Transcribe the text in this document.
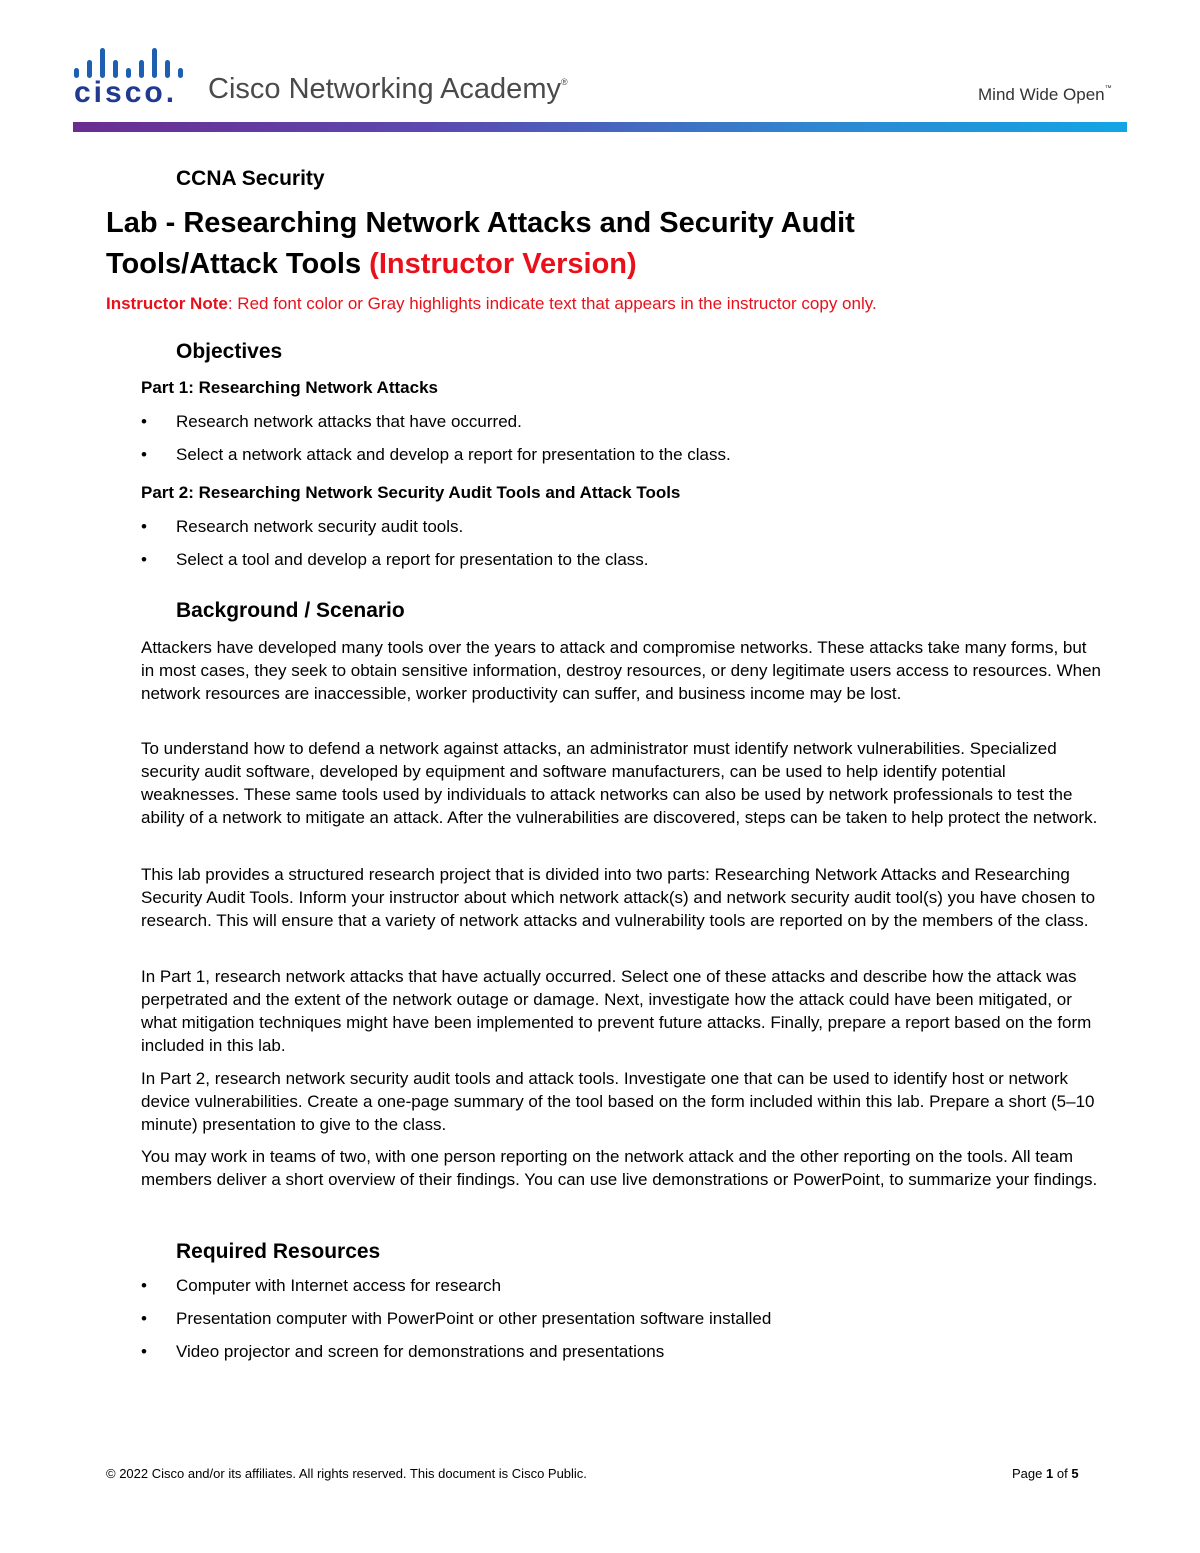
cisco. Cisco Networking Academy®
Mind Wide Open™
CCNA Security
Lab - Researching Network Attacks and Security Audit
Tools/Attack Tools (Instructor Version)
Instructor Note: Red font color or Gray highlights indicate text that appears in the instructor copy only.
Objectives
Part 1: Researching Network Attacks
• Research network attacks that have occurred.
• Select a network attack and develop a report for presentation to the class.
Part 2: Researching Network Security Audit Tools and Attack Tools
• Research network security audit tools.
• Select a tool and develop a report for presentation to the class.
Background / Scenario
Attackers have developed many tools over the years to attack and compromise networks. These attacks take many forms, but in most cases, they seek to obtain sensitive information, destroy resources, or deny legitimate users access to resources. When network resources are inaccessible, worker productivity can suffer, and business income may be lost.
To understand how to defend a network against attacks, an administrator must identify network vulnerabilities. Specialized security audit software, developed by equipment and software manufacturers, can be used to help identify potential weaknesses. These same tools used by individuals to attack networks can also be used by network professionals to test the ability of a network to mitigate an attack. After the vulnerabilities are discovered, steps can be taken to help protect the network.
This lab provides a structured research project that is divided into two parts: Researching Network Attacks and Researching Security Audit Tools. Inform your instructor about which network attack(s) and network security audit tool(s) you have chosen to research. This will ensure that a variety of network attacks and vulnerability tools are reported on by the members of the class.
In Part 1, research network attacks that have actually occurred. Select one of these attacks and describe how the attack was perpetrated and the extent of the network outage or damage. Next, investigate how the attack could have been mitigated, or what mitigation techniques might have been implemented to prevent future attacks. Finally, prepare a report based on the form included in this lab.
In Part 2, research network security audit tools and attack tools. Investigate one that can be used to identify host or network device vulnerabilities. Create a one-page summary of the tool based on the form included within this lab. Prepare a short (5–10 minute) presentation to give to the class.
You may work in teams of two, with one person reporting on the network attack and the other reporting on the tools. All team members deliver a short overview of their findings. You can use live demonstrations or PowerPoint, to summarize your findings.
Required Resources
• Computer with Internet access for research
• Presentation computer with PowerPoint or other presentation software installed
• Video projector and screen for demonstrations and presentations
© 2022 Cisco and/or its affiliates. All rights reserved. This document is Cisco Public.	Page 1 of 5
